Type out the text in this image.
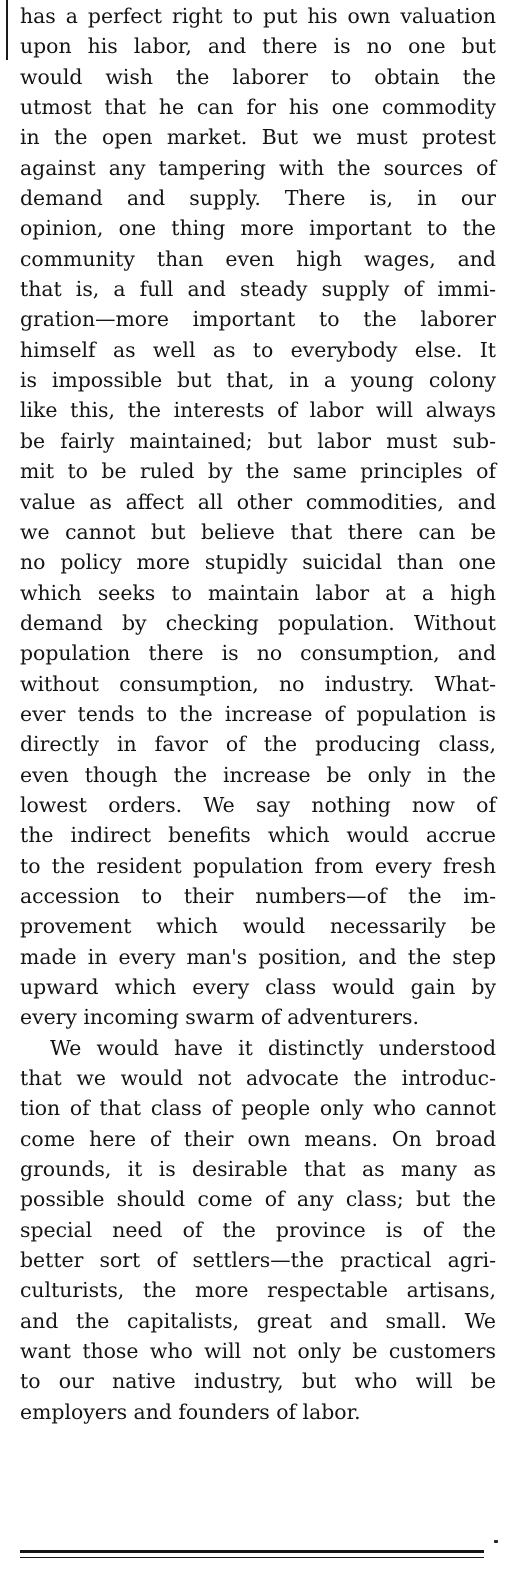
has a perfect right to put his own valuation
upon his labor, and there is no one but
would wish the laborer to obtain the
utmost that he can for his one commodity
in the open market. But we must protest
against any tampering with the sources of
demand and supply. There is, in our
opinion, one thing more important to the
community than even high wages, and
that is, a full and steady supply of immi-
gration—more important to the laborer
himself as well as to everybody else. It
is impossible but that, in a young colony
like this, the interests of labor will always
be fairly maintained; but labor must sub-
mit to be ruled by the same principles of
value as affect all other commodities, and
we cannot but believe that there can be
no policy more stupidly suicidal than one
which seeks to maintain labor at a high
demand by checking population. Without
population there is no consumption, and
without consumption, no industry. What-
ever tends to the increase of population is
directly in favor of the producing class,
even though the increase be only in the
lowest orders. We say nothing now of
the indirect benefits which would accrue
to the resident population from every fresh
accession to their numbers—of the im-
provement which would necessarily be
made in every man's position, and the step
upward which every class would gain by
every incoming swarm of adventurers.
We would have it distinctly understood
that we would not advocate the introduc-
tion of that class of people only who cannot
come here of their own means. On broad
grounds, it is desirable that as many as
possible should come of any class; but the
special need of the province is of the
better sort of settlers—the practical agri-
culturists, the more respectable artisans,
and the capitalists, great and small. We
want those who will not only be customers
to our native industry, but who will be
employers and founders of labor.
